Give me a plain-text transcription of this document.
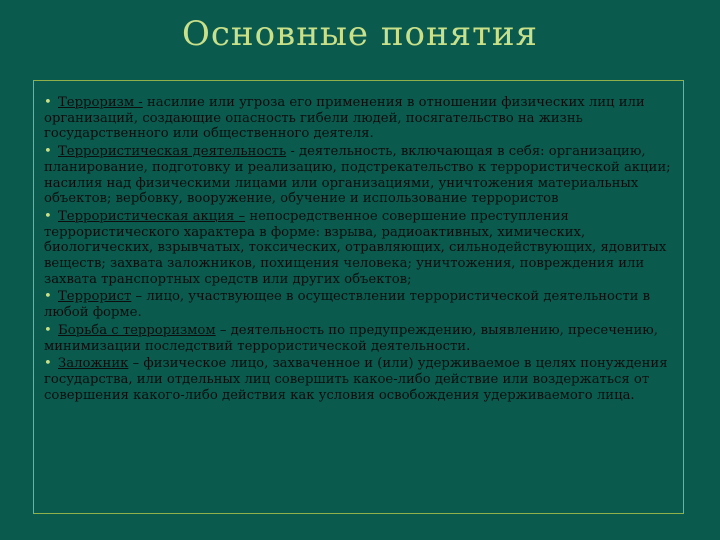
Основные понятия
• Терроризм - насилие или угроза его применения в отношении физических лиц или организаций, создающие опасность гибели людей, посягательство на жизнь государственного или общественного деятеля.
• Террористическая деятельность - деятельность, включающая в себя: организацию, планирование, подготовку и реализацию, подстрекательство к террористической акции; насилия над физическими лицами или организациями, уничтожения материальных объектов; вербовку, вооружение, обучение и использование террористов
• Террористическая акция – непосредственное совершение преступления террористического характера в форме: взрыва, радиоактивных, химических, биологических, взрывчатых, токсических, отравляющих, сильнодействующих, ядовитых веществ; захвата заложников, похищения человека; уничтожения, повреждения или захвата транспортных средств или других объектов;
• Террорист – лицо, участвующее в осуществлении террористической деятельности в любой форме.
• Борьба с терроризмом – деятельность по предупреждению, выявлению, пресечению, минимизации последствий террористической деятельности.
• Заложник – физическое лицо, захваченное и (или) удерживаемое в целях понуждения государства, или отдельных лиц совершить какое-либо действие или воздержаться от совершения какого-либо действия как условия освобождения удерживаемого лица.
